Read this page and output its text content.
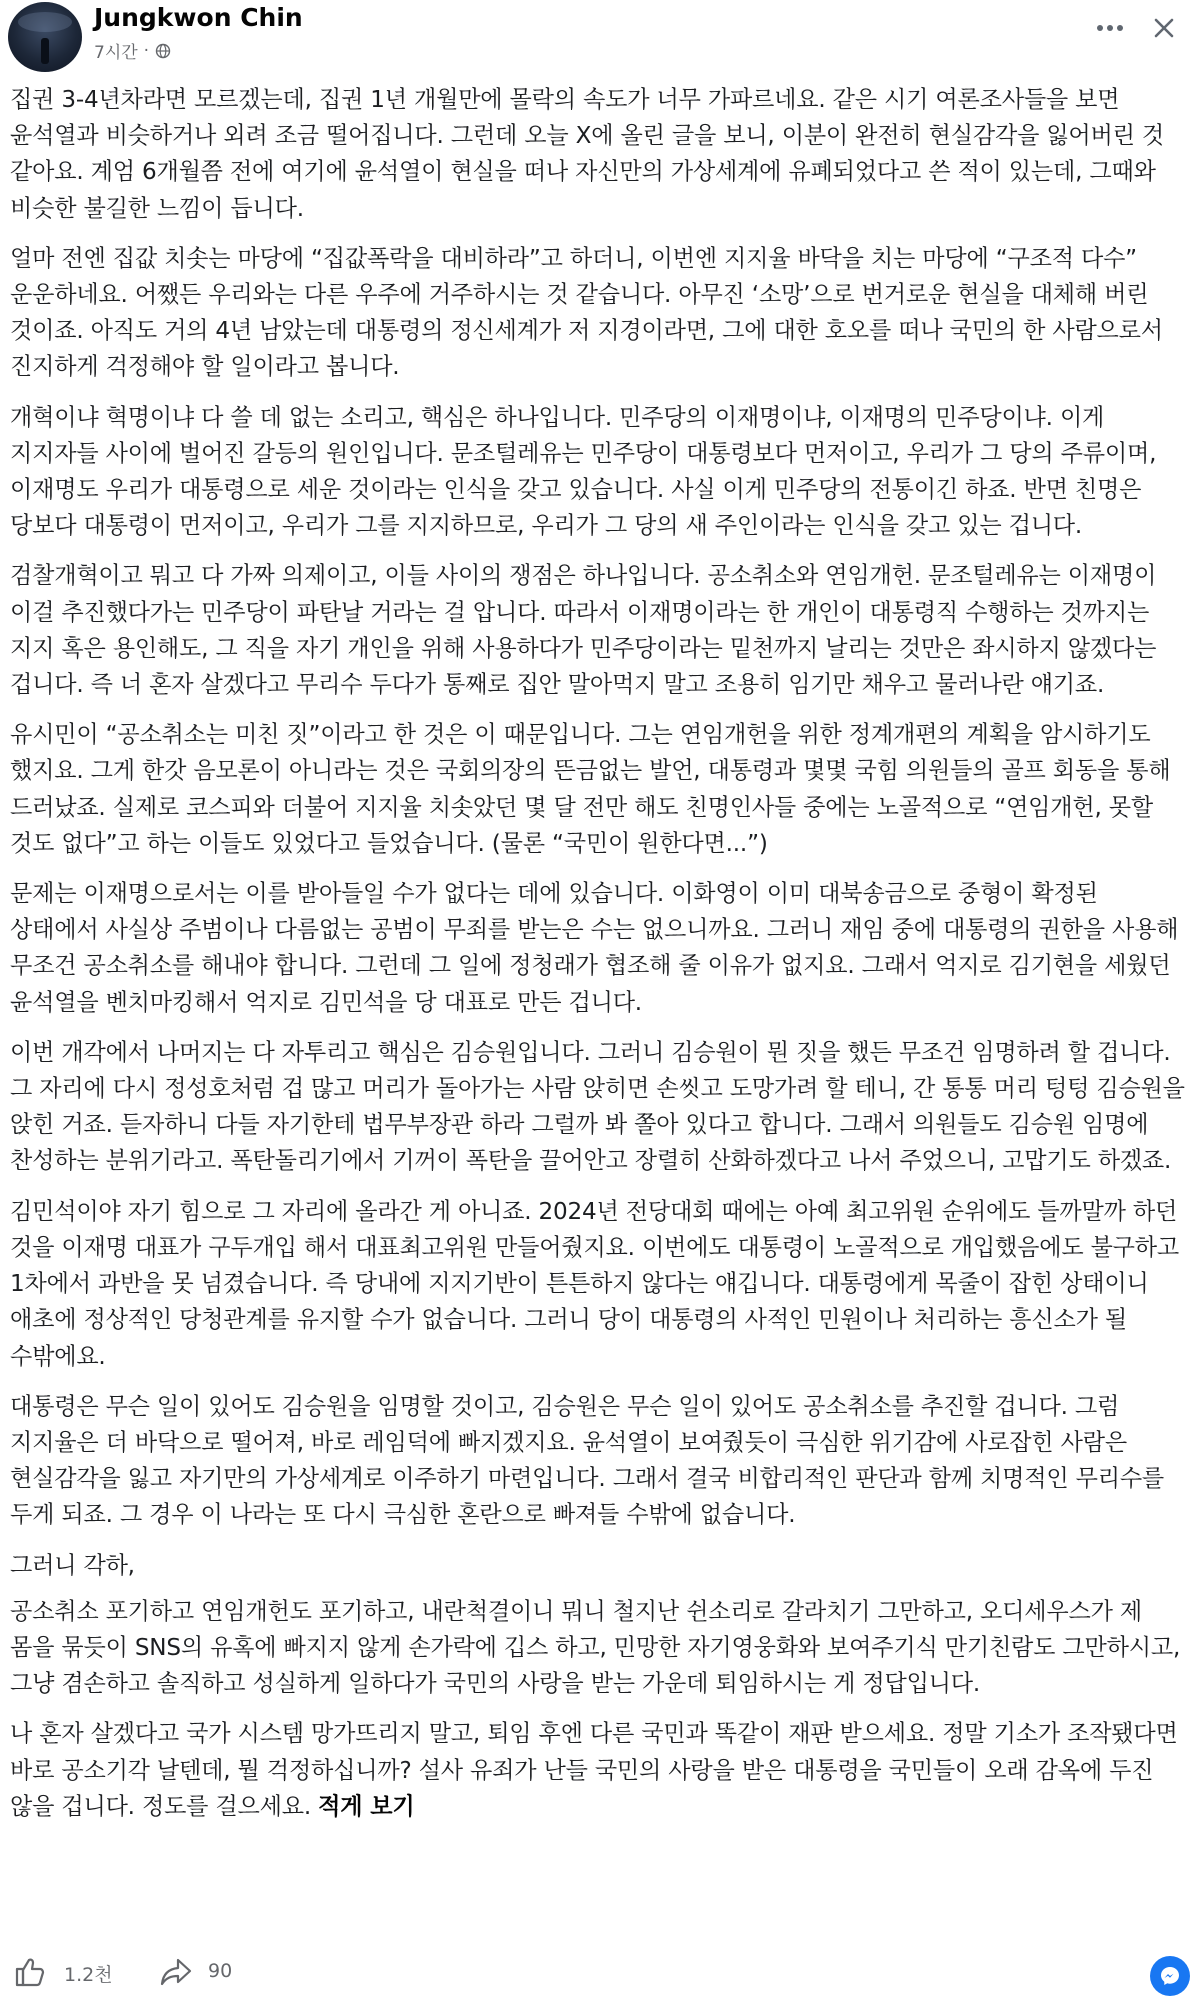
Jungkwon Chin
7시간 ·

집권 3-4년차라면 모르겠는데, 집권 1년 개월만에 몰락의 속도가 너무 가파르네요. 같은 시기 여론조사들을 보면 윤석열과 비슷하거나 외려 조금 떨어집니다. 그런데 오늘 X에 올린 글을 보니, 이분이 완전히 현실감각을 잃어버린 것 같아요. 계엄 6개월쯤 전에 여기에 윤석열이 현실을 떠나 자신만의 가상세계에 유폐되었다고 쓴 적이 있는데, 그때와 비슷한 불길한 느낌이 듭니다.

얼마 전엔 집값 치솟는 마당에 “집값폭락을 대비하라”고 하더니, 이번엔 지지율 바닥을 치는 마당에 “구조적 다수” 운운하네요. 어쨌든 우리와는 다른 우주에 거주하시는 것 같습니다. 아무진 ‘소망’으로 번거로운 현실을 대체해 버린 것이죠. 아직도 거의 4년 남았는데 대통령의 정신세계가 저 지경이라면, 그에 대한 호오를 떠나 국민의 한 사람으로서 진지하게 걱정해야 할 일이라고 봅니다.

개혁이냐 혁명이냐 다 쓸 데 없는 소리고, 핵심은 하나입니다. 민주당의 이재명이냐, 이재명의 민주당이냐. 이게 지지자들 사이에 벌어진 갈등의 원인입니다. 문조털레유는 민주당이 대통령보다 먼저이고, 우리가 그 당의 주류이며, 이재명도 우리가 대통령으로 세운 것이라는 인식을 갖고 있습니다. 사실 이게 민주당의 전통이긴 하죠. 반면 친명은 당보다 대통령이 먼저이고, 우리가 그를 지지하므로, 우리가 그 당의 새 주인이라는 인식을 갖고 있는 겁니다.

검찰개혁이고 뭐고 다 가짜 의제이고, 이들 사이의 쟁점은 하나입니다. 공소취소와 연임개헌. 문조털레유는 이재명이 이걸 추진했다가는 민주당이 파탄날 거라는 걸 압니다. 따라서 이재명이라는 한 개인이 대통령직 수행하는 것까지는 지지 혹은 용인해도, 그 직을 자기 개인을 위해 사용하다가 민주당이라는 밑천까지 날리는 것만은 좌시하지 않겠다는 겁니다. 즉 너 혼자 살겠다고 무리수 두다가 통째로 집안 말아먹지 말고 조용히 임기만 채우고 물러나란 얘기죠.

유시민이 “공소취소는 미친 짓”이라고 한 것은 이 때문입니다. 그는 연임개헌을 위한 정계개편의 계획을 암시하기도 했지요. 그게 한갓 음모론이 아니라는 것은 국회의장의 뜬금없는 발언, 대통령과 몇몇 국힘 의원들의 골프 회동을 통해 드러났죠. 실제로 코스피와 더불어 지지율 치솟았던 몇 달 전만 해도 친명인사들 중에는 노골적으로 “연임개헌, 못할 것도 없다”고 하는 이들도 있었다고 들었습니다. (물론 “국민이 원한다면...”)

문제는 이재명으로서는 이를 받아들일 수가 없다는 데에 있습니다. 이화영이 이미 대북송금으로 중형이 확정된 상태에서 사실상 주범이나 다름없는 공범이 무죄를 받는은 수는 없으니까요. 그러니 재임 중에 대통령의 권한을 사용해 무조건 공소취소를 해내야 합니다. 그런데 그 일에 정청래가 협조해 줄 이유가 없지요. 그래서 억지로 김기현을 세웠던 윤석열을 벤치마킹해서 억지로 김민석을 당 대표로 만든 겁니다.

이번 개각에서 나머지는 다 자투리고 핵심은 김승원입니다. 그러니 김승원이 뭔 짓을 했든 무조건 임명하려 할 겁니다. 그 자리에 다시 정성호처럼 겁 많고 머리가 돌아가는 사람 앉히면 손씻고 도망가려 할 테니, 간 통통 머리 텅텅 김승원을 앉힌 거죠. 듣자하니 다들 자기한테 법무부장관 하라 그럴까 봐 쫄아 있다고 합니다. 그래서 의원들도 김승원 임명에 찬성하는 분위기라고. 폭탄돌리기에서 기꺼이 폭탄을 끌어안고 장렬히 산화하겠다고 나서 주었으니, 고맙기도 하겠죠.

김민석이야 자기 힘으로 그 자리에 올라간 게 아니죠. 2024년 전당대회 때에는 아예 최고위원 순위에도 들까말까 하던 것을 이재명 대표가 구두개입 해서 대표최고위원 만들어줬지요. 이번에도 대통령이 노골적으로 개입했음에도 불구하고 1차에서 과반을 못 넘겼습니다. 즉 당내에 지지기반이 튼튼하지 않다는 얘깁니다. 대통령에게 목줄이 잡힌 상태이니 애초에 정상적인 당청관계를 유지할 수가 없습니다. 그러니 당이 대통령의 사적인 민원이나 처리하는 흥신소가 될 수밖에요.

대통령은 무슨 일이 있어도 김승원을 임명할 것이고, 김승원은 무슨 일이 있어도 공소취소를 추진할 겁니다. 그럼 지지율은 더 바닥으로 떨어져, 바로 레임덕에 빠지겠지요. 윤석열이 보여줬듯이 극심한 위기감에 사로잡힌 사람은 현실감각을 잃고 자기만의 가상세계로 이주하기 마련입니다. 그래서 결국 비합리적인 판단과 함께 치명적인 무리수를 두게 되죠. 그 경우 이 나라는 또 다시 극심한 혼란으로 빠져들 수밖에 없습니다.

그러니 각하,

공소취소 포기하고 연임개헌도 포기하고, 내란척결이니 뭐니 철지난 쉰소리로 갈라치기 그만하고, 오디세우스가 제 몸을 묶듯이 SNS의 유혹에 빠지지 않게 손가락에 깁스 하고, 민망한 자기영웅화와 보여주기식 만기친람도 그만하시고, 그냥 겸손하고 솔직하고 성실하게 일하다가 국민의 사랑을 받는 가운데 퇴임하시는 게 정답입니다.

나 혼자 살겠다고 국가 시스템 망가뜨리지 말고, 퇴임 후엔 다른 국민과 똑같이 재판 받으세요. 정말 기소가 조작됐다면 바로 공소기각 날텐데, 뭘 걱정하십니까? 설사 유죄가 난들 국민의 사랑을 받은 대통령을 국민들이 오래 감옥에 두진 않을 겁니다. 정도를 걸으세요. 적게 보기

1.2천	90
